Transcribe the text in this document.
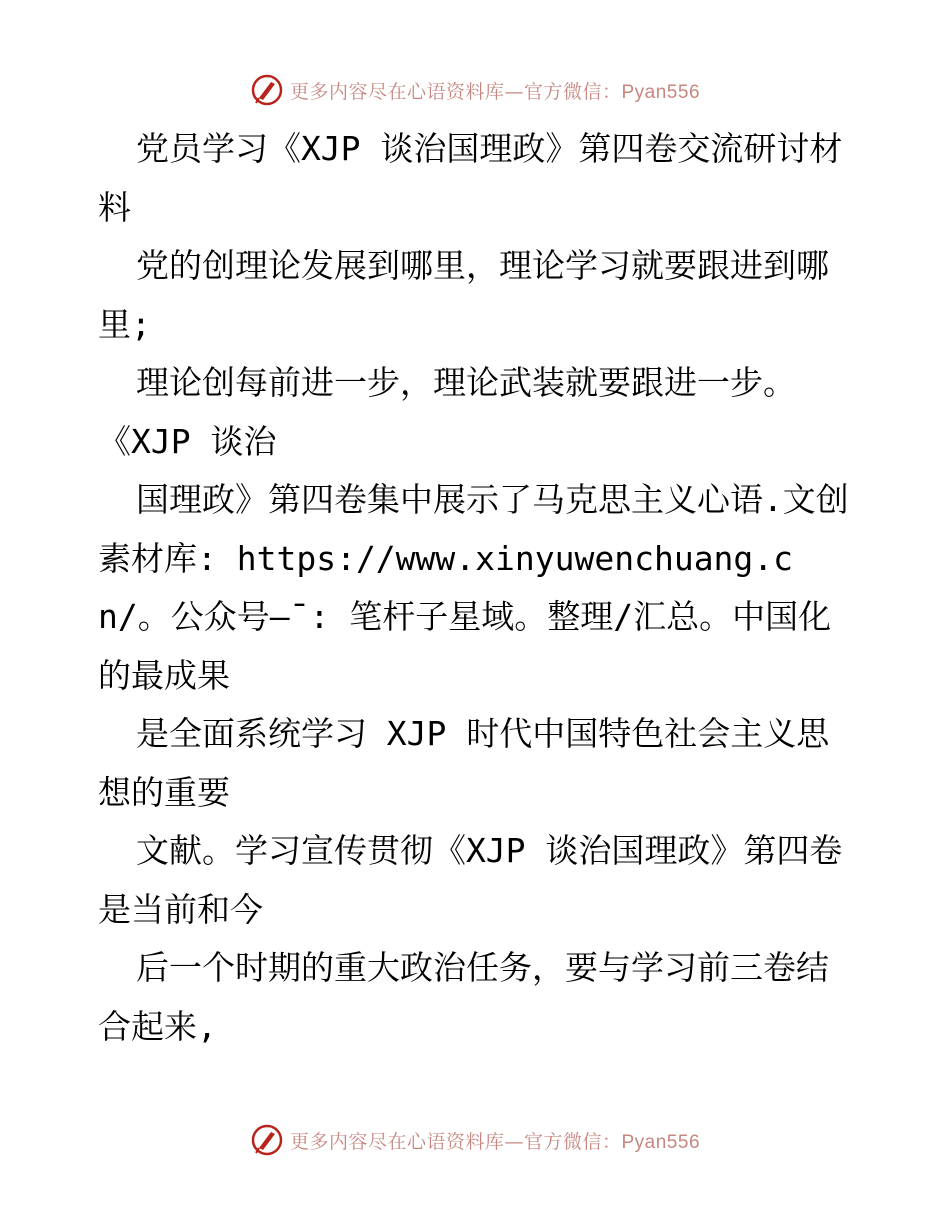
更多内容尽在心语资料库—官方微信：Pyan556

党员学习《XJP 谈治国理政》第四卷交流研讨材料

党的创理论发展到哪里，理论学习就要跟进到哪里;

理论创每前进一步，理论武装就要跟进一步。

《XJP 谈治

国理政》第四卷集中展示了马克思主义心语.文创素材库: https://www.xinyuwenchuang.cn/。公众号—¯: 笔杆子星域。整理/汇总。中国化的最成果

是全面系统学习 XJP 时代中国特色社会主义思想的重要

文献。学习宣传贯彻《XJP 谈治国理政》第四卷是当前和今

后一个时期的重大政治任务，要与学习前三卷结合起来,

更多内容尽在心语资料库—官方微信：Pyan556
